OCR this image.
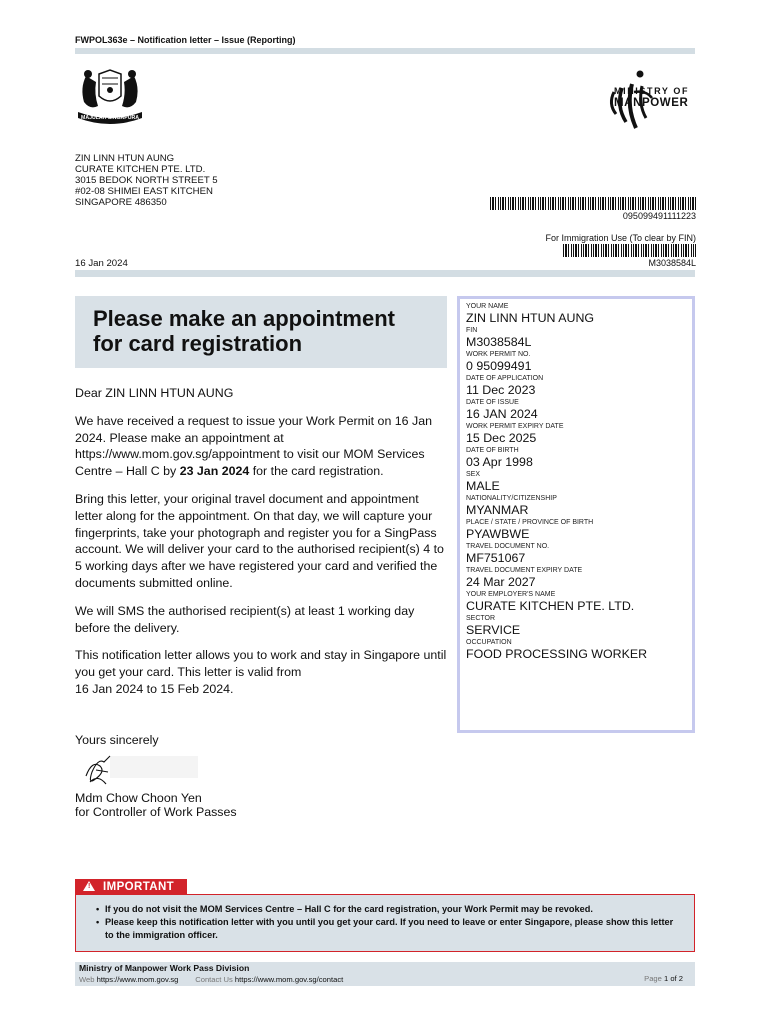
FWPOL363e – Notification letter – Issue (Reporting)
MAJULAH SINGAPURA
MINISTRY OF
MANPOWER
ZIN LINN HTUN AUNG
CURATE KITCHEN PTE. LTD.
3015 BEDOK NORTH STREET 5
#02-08 SHIMEI EAST KITCHEN
SINGAPORE 486350
095099491111223
For Immigration Use (To clear by FIN)
M3038584L
16 Jan 2024
Please make an appointment
for card registration

Dear ZIN LINN HTUN AUNG

We have received a request to issue your Work Permit on 16 Jan 2024. Please make an appointment at https://www.mom.gov.sg/appointment to visit our MOM Services Centre – Hall C by 23 Jan 2024 for the card registration.

Bring this letter, your original travel document and appointment letter along for the appointment. On that day, we will capture your fingerprints, take your photograph and register you for a SingPass account. We will deliver your card to the authorised recipient(s) 4 to 5 working days after we have registered your card and verified the documents submitted online.

We will SMS the authorised recipient(s) at least 1 working day before the delivery.

This notification letter allows you to work and stay in Singapore until you get your card. This letter is valid from
16 Jan 2024 to 15 Feb 2024.

Yours sincerely
Mdm Chow Choon Yen
for Controller of Work Passes
YOUR NAME
ZIN LINN HTUN AUNG
FIN
M3038584L
WORK PERMIT NO.
0 95099491
DATE OF APPLICATION
11 Dec 2023
DATE OF ISSUE
16 JAN 2024
WORK PERMIT EXPIRY DATE
15 Dec 2025
DATE OF BIRTH
03 Apr 1998
SEX
MALE
NATIONALITY/CITIZENSHIP
MYANMAR
PLACE / STATE / PROVINCE OF BIRTH
PYAWBWE
TRAVEL DOCUMENT NO.
MF751067
TRAVEL DOCUMENT EXPIRY DATE
24 Mar 2027
YOUR EMPLOYER'S NAME
CURATE KITCHEN PTE. LTD.
SECTOR
SERVICE
OCCUPATION
FOOD PROCESSING WORKER
! IMPORTANT
• If you do not visit the MOM Services Centre – Hall C for the card registration, your Work Permit may be revoked.
• Please keep this notification letter with you until you get your card. If you need to leave or enter Singapore, please show this letter to the immigration officer.
Ministry of Manpower Work Pass Division
Web https://www.mom.gov.sg Contact Us https://www.mom.gov.sg/contact	Page 1 of 2
